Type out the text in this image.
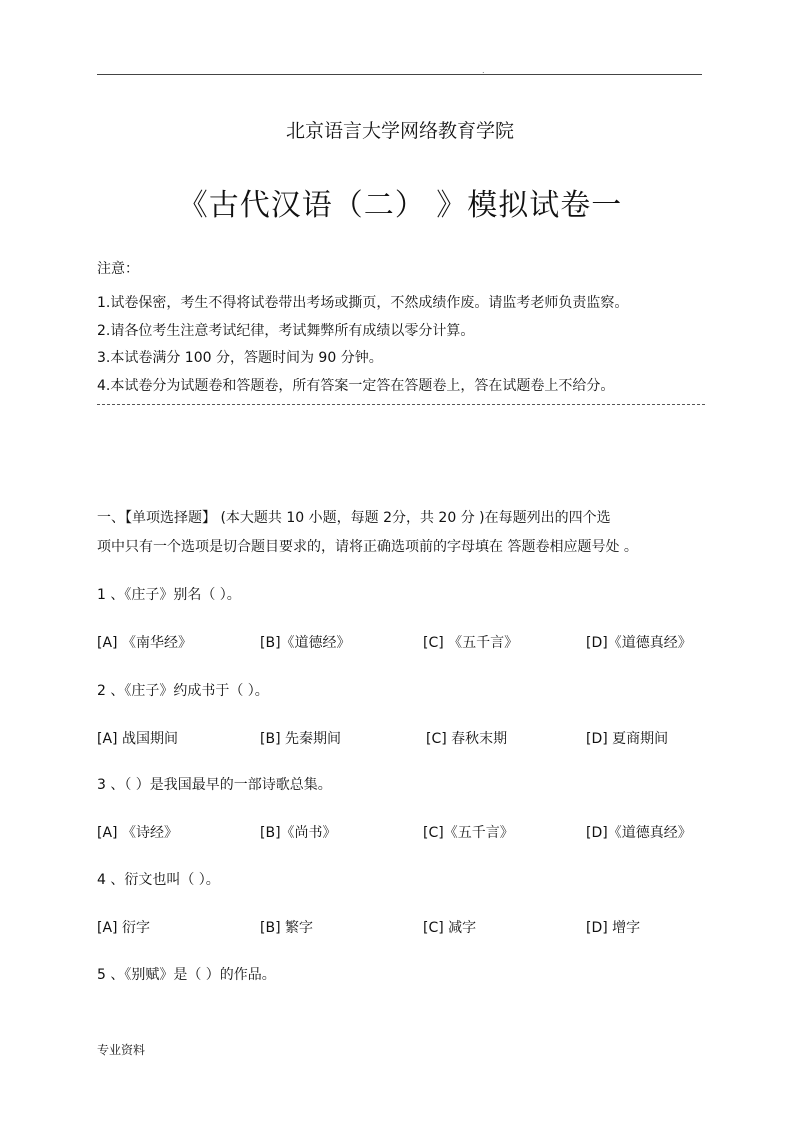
.
北京语言大学网络教育学院
《古代汉语（二） 》模拟试卷一
注意：
1.试卷保密，考生不得将试卷带出考场或撕页，不然成绩作废。请监考老师负责监察。
2.请各位考生注意考试纪律，考试舞弊所有成绩以零分计算。
3.本试卷满分 100 分，答题时间为 90 分钟。
4.本试卷分为试题卷和答题卷，所有答案一定答在答题卷上，答在试题卷上不给分。
一、【单项选择题】 (本大题共 10 小题，每题 2分，共 20 分 )在每题列出的四个选
项中只有一个选项是切合题目要求的，请将正确选项前的字母填在 答题卷相应题号处 。
1 、《庄子》别名（ ）。
[A] 《南华经》	[B]《道德经》	[C] 《五千言》	[D]《道德真经》
2 、《庄子》约成书于（ ）。
[A] 战国期间	[B] 先秦期间	[C] 春秋末期	[D] 夏商期间
3 、（ ）是我国最早的一部诗歌总集。
[A] 《诗经》	[B]《尚书》	[C]《五千言》	[D]《道德真经》
4 、衍文也叫（ ）。
[A] 衍字	[B] 繁字	[C] 减字	[D] 增字
5 、《别赋》是（ ）的作品。
专业资料
